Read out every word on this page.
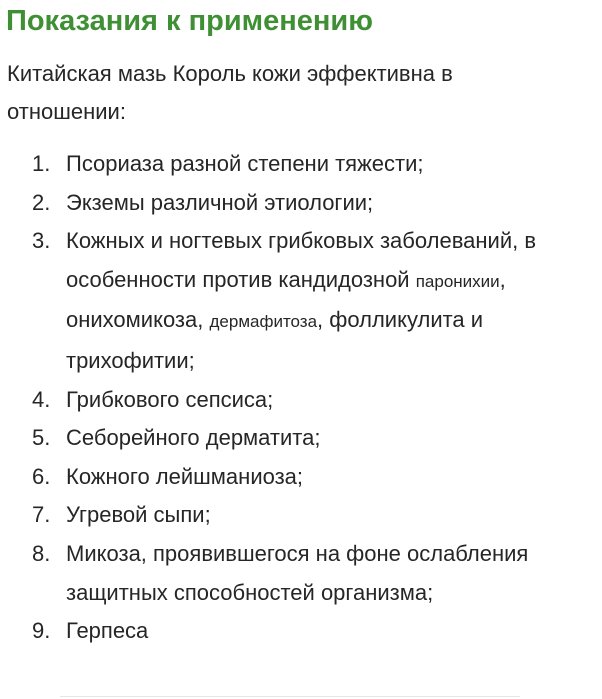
Показания к применению

Китайская мазь Король кожи эффективна в отношении:

1. Псориаза разной степени тяжести;
2. Экземы различной этиологии;
3. Кожных и ногтевых грибковых заболеваний, в особенности против кандидозной паронихии, онихомикоза, дермафитоза, фолликулита и трихофитии;
4. Грибкового сепсиса;
5. Себорейного дерматита;
6. Кожного лейшманиоза;
7. Угревой сыпи;
8. Микоза, проявившегося на фоне ослабления защитных способностей организма;
9. Герпеса
